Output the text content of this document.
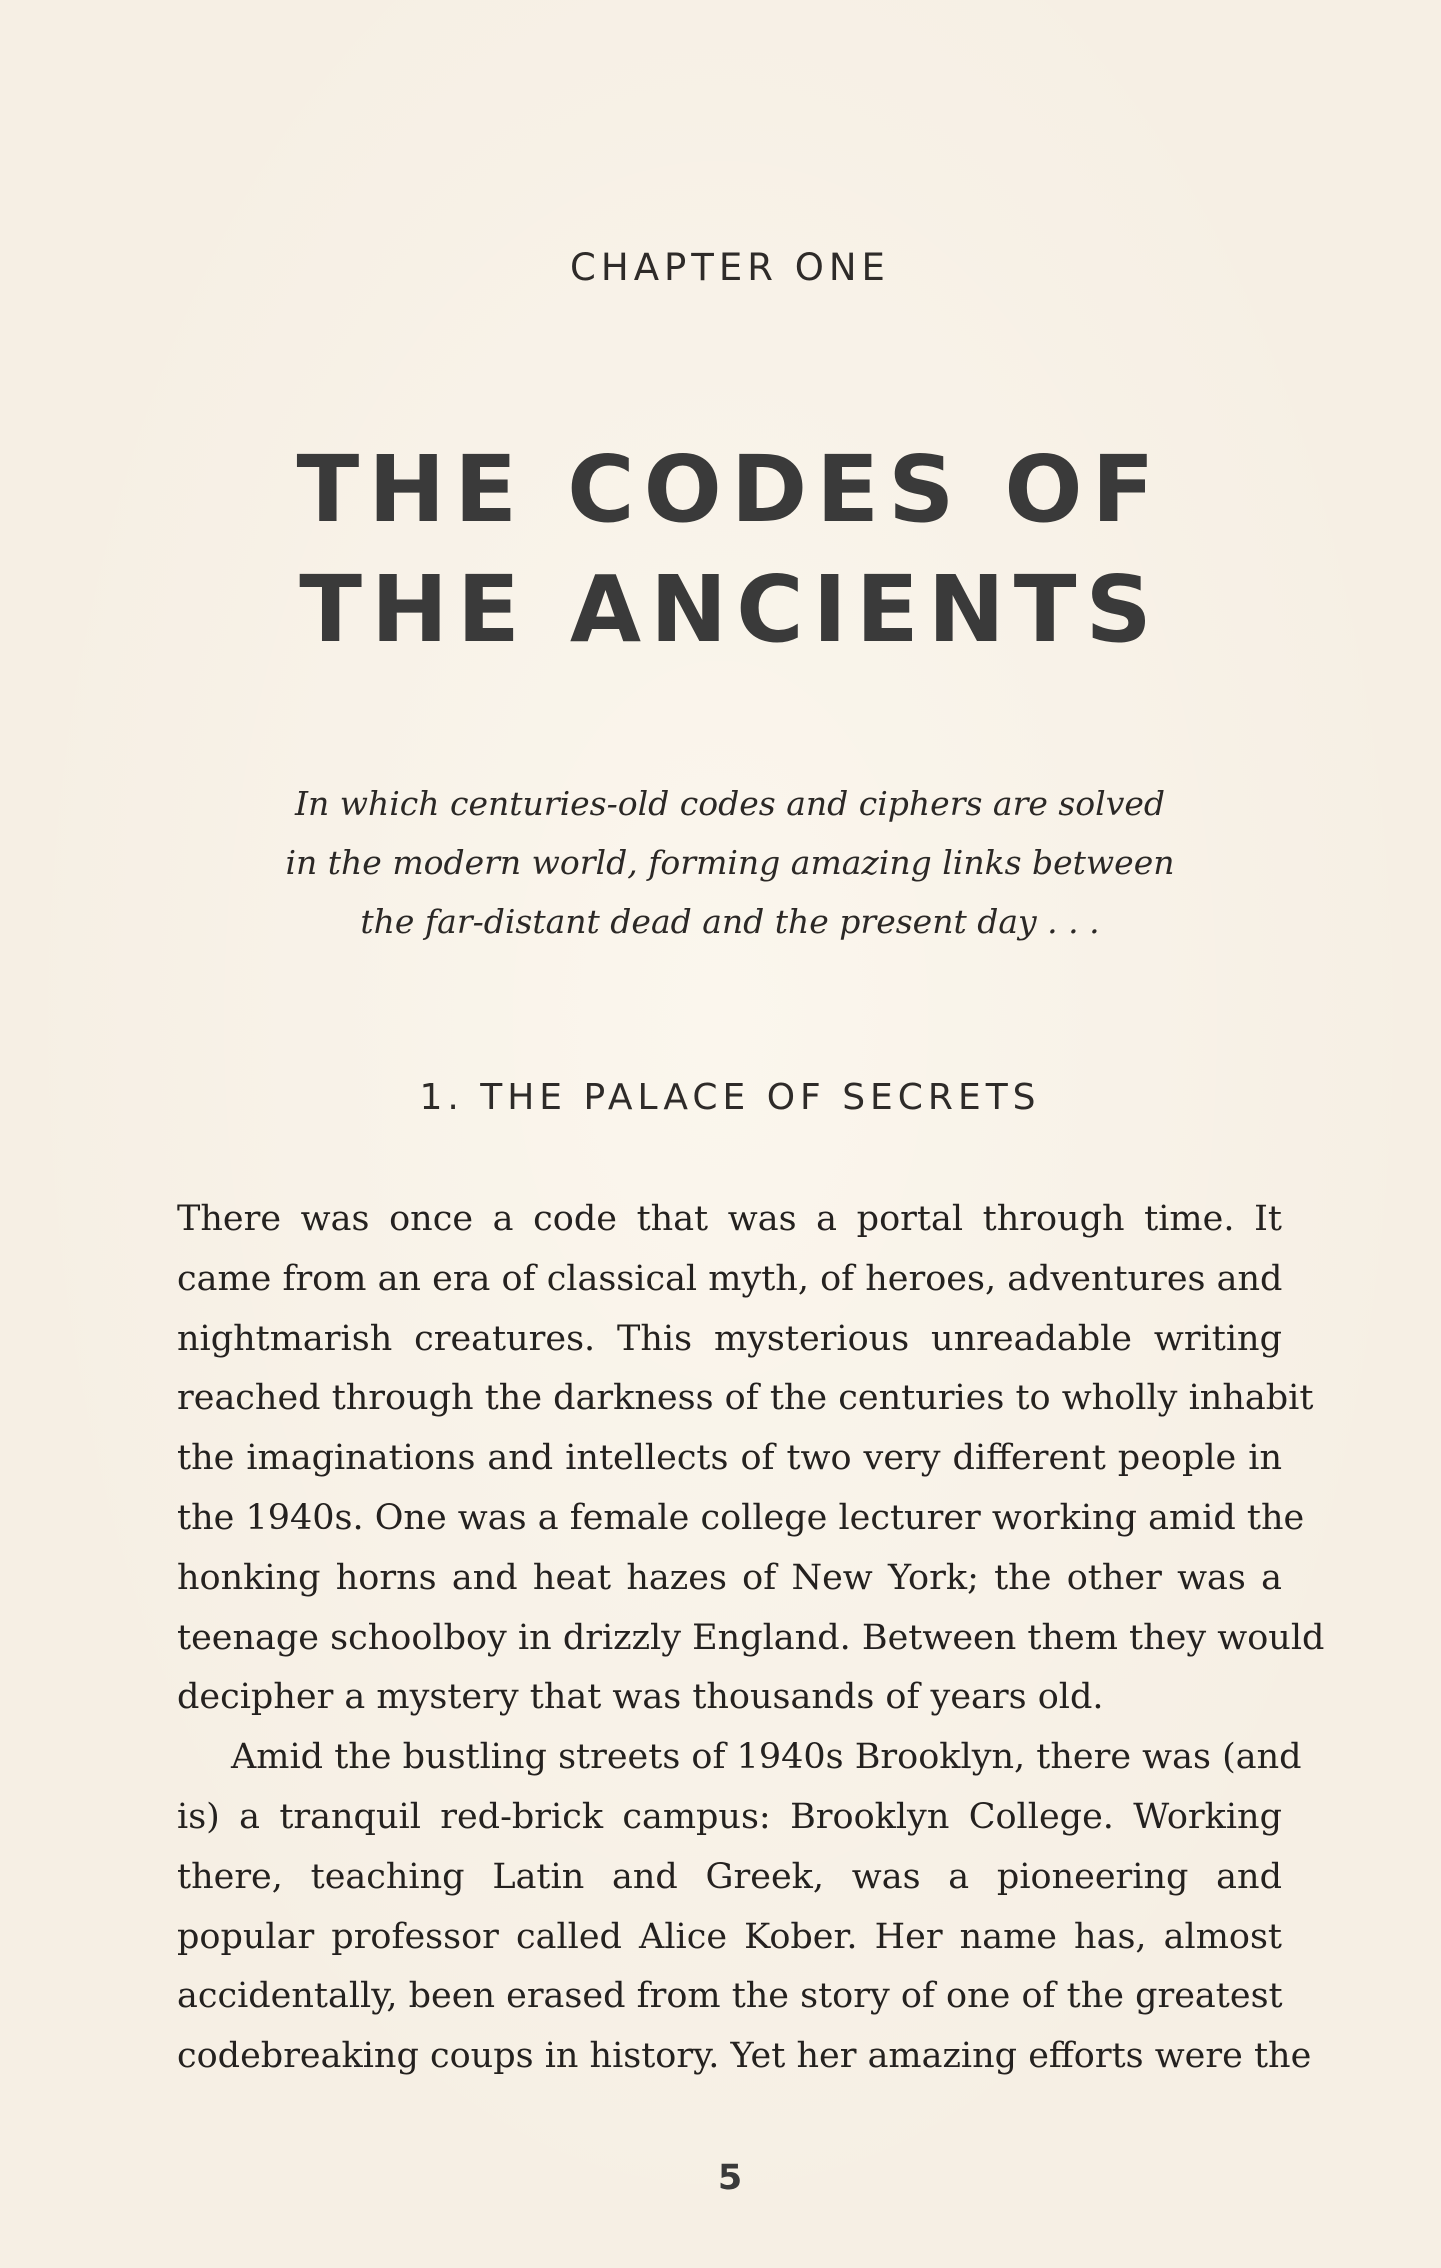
CHAPTER ONE
THE CODES OF
THE ANCIENTS
In which centuries-old codes and ciphers are solved
in the modern world, forming amazing links between
the far-distant dead and the present day . . .
1. THE PALACE OF SECRETS
There was once a code that was a portal through time. It
came from an era of classical myth, of heroes, adventures and
nightmarish creatures. This mysterious unreadable writing
reached through the darkness of the centuries to wholly inhabit
the imaginations and intellects of two very different people in
the 1940s. One was a female college lecturer working amid the
honking horns and heat hazes of New York; the other was a
teenage schoolboy in drizzly England. Between them they would
decipher a mystery that was thousands of years old.
Amid the bustling streets of 1940s Brooklyn, there was (and
is) a tranquil red-brick campus: Brooklyn College. Working
there, teaching Latin and Greek, was a pioneering and
popular professor called Alice Kober. Her name has, almost
accidentally, been erased from the story of one of the greatest
codebreaking coups in history. Yet her amazing efforts were the
5
